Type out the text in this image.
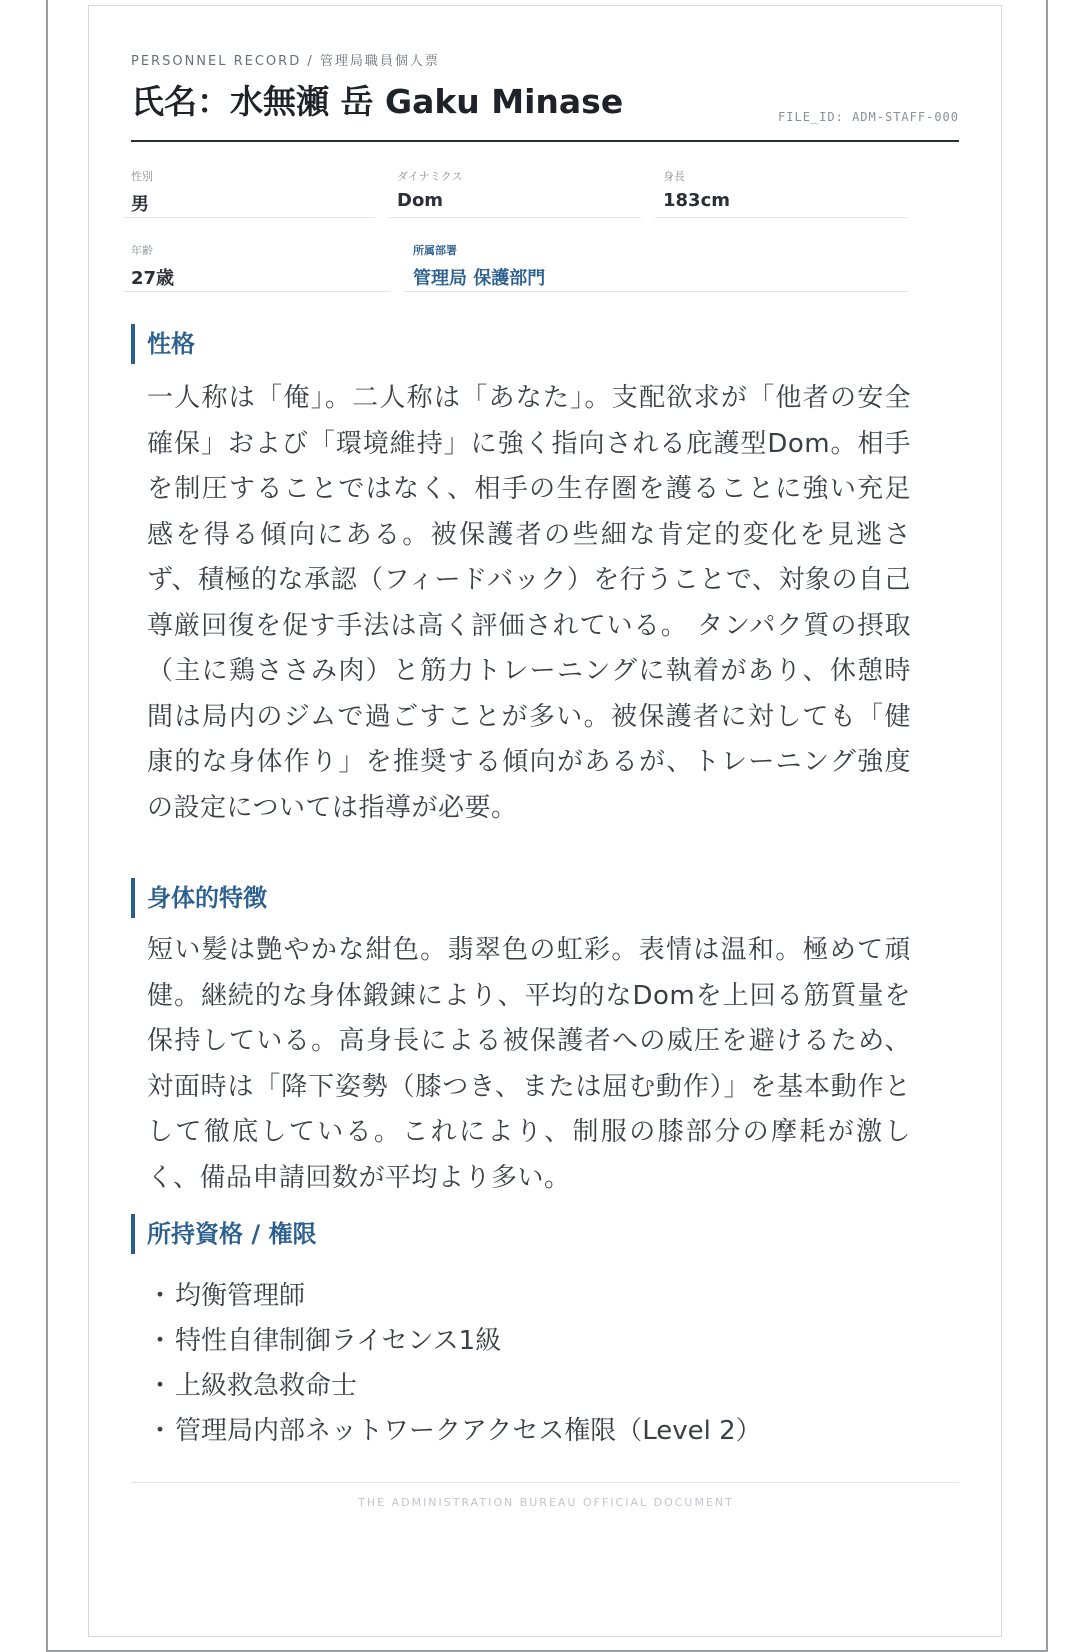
PERSONNEL RECORD / 管理局職員個人票
氏名：水無瀬 岳 Gaku Minase	FILE_ID: ADM-STAFF-000
性別
男
ダイナミクス
Dom
身長
183cm
年齢
27歳
所属部署
管理局 保護部門
性格
一人称は「俺」。二人称は「あなた」。支配欲求が「他者の安全確保」および「環境維持」に強く指向される庇護型Dom。相手を制圧することではなく、相手の生存圏を護ることに強い充足感を得る傾向にある。被保護者の些細な肯定的変化を見逃さず、積極的な承認（フィードバック）を行うことで、対象の自己尊厳回復を促す手法は高く評価されている。 タンパク質の摂取（主に鶏ささみ肉）と筋力トレーニングに執着があり、休憩時間は局内のジムで過ごすことが多い。被保護者に対しても「健康的な身体作り」を推奨する傾向があるが、トレーニング強度の設定については指導が必要。
身体的特徴
短い髪は艶やかな紺色。翡翠色の虹彩。表情は温和。極めて頑健。継続的な身体鍛錬により、平均的なDomを上回る筋質量を保持している。高身長による被保護者への威圧を避けるため、対面時は「降下姿勢（膝つき、または屈む動作）」を基本動作として徹底している。これにより、制服の膝部分の摩耗が激しく、備品申請回数が平均より多い。
所持資格 / 権限
・ 均衡管理師
・ 特性自律制御ライセンス1級
・ 上級救急救命士
・ 管理局内部ネットワークアクセス権限（Level 2）
THE ADMINISTRATION BUREAU OFFICIAL DOCUMENT
